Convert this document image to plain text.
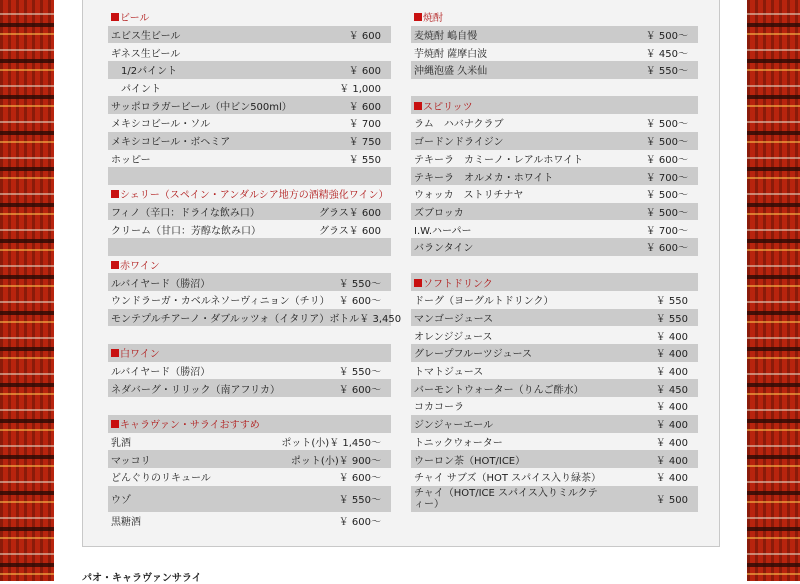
ビール
エビス生ビール	￥ 600
ギネス生ビール
1/2パイント	￥ 600
パイント	￥ 1,000
サッポロラガービール（中ビン500ml）	￥ 600
メキシコビール・ソル	￥ 700
メキシコビール・ボヘミア	￥ 750
ホッピー	￥ 550
シェリー（スペイン・アンダルシア地方の酒精強化ワイン）
フィノ（辛口：ドライな飲み口）	グラス￥ 600
クリーム（甘口：芳醇な飲み口）	グラス￥ 600
赤ワイン
ルバイヤード（勝沼）	￥ 550～
ウンドラーガ・カベルネソーヴィニョン（チリ） ￥ 600～
モンテプルチアーノ・ダブルッツォ（イタリア） ボトル￥ 3,450
白ワイン
ルバイヤード（勝沼）	￥ 550～
ネダバーグ・リリック（南アフリカ）	￥ 600～
キャラヴァン・サライおすすめ
乳酒	ポット(小)￥ 1,450～
マッコリ	ポット(小)￥ 900～
どんぐりのリキュール	￥ 600～
ウゾ	￥ 550～
黒糖酒	￥ 600～
焼酎
麦焼酎 嶋自慢	￥ 500～
芋焼酎 薩摩白波	￥ 450～
沖縄泡盛 久米仙	￥ 550～
スピリッツ
ラム　ハバナクラブ	￥ 500～
ゴードンドライジン	￥ 500～
テキーラ　カミーノ・レアルホワイト	￥ 600～
テキーラ　オルメカ・ホワイト	￥ 700～
ウォッカ　ストリチナヤ	￥ 500～
ズブロッカ	￥ 500～
I.W.ハーパー	￥ 700～
バランタイン	￥ 600～
ソフトドリンク
ドーグ（ヨーグルトドリンク）	￥ 550
マンゴージュース	￥ 550
オレンジジュース	￥ 400
グレープフルーツジュース	￥ 400
トマトジュース	￥ 400
バーモントウォーター（りんご酢水）	￥ 450
コカコーラ	￥ 400
ジンジャーエール	￥ 400
トニックウォーター	￥ 400
ウーロン茶（HOT/ICE）	￥ 400
チャイ サブズ（HOT スパイス入り緑茶）	￥ 400
チャイ（HOT/ICE スパイス入りミルクティー）	￥ 500
パオ・キャラヴァンサライ
